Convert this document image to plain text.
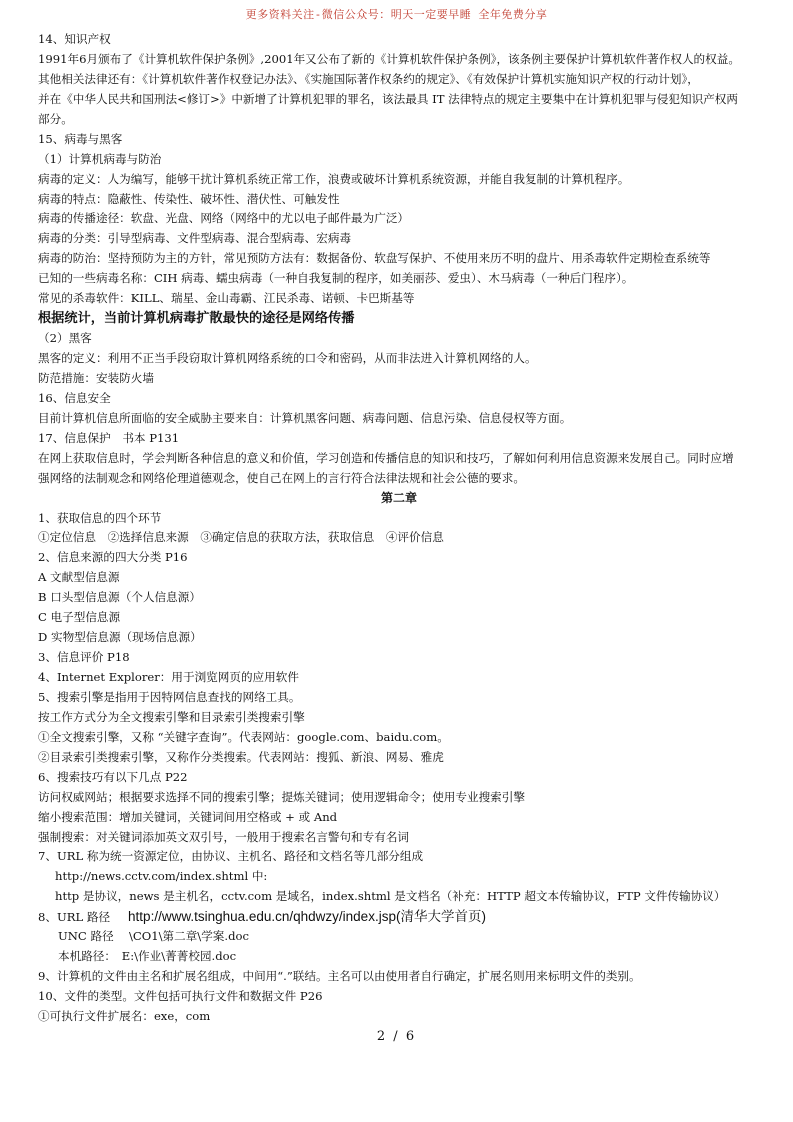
更多资料关注-微信公众号：明天一定要早睡 全年免费分享
14、知识产权
1991年6月颁布了《计算机软件保护条例》,2001年又公布了新的《计算机软件保护条例》，该条例主要保护计算机软件著作权人的权益。
其他相关法律还有：《计算机软件著作权登记办法》、《实施国际著作权条约的规定》、《有效保护计算机实施知识产权的行动计划》，
并在《中华人民共和国刑法<修订>》中新增了计算机犯罪的罪名，该法最具 IT 法律特点的规定主要集中在计算机犯罪与侵犯知识产权两
部分。
15、病毒与黑客
（1）计算机病毒与防治
病毒的定义：人为编写，能够干扰计算机系统正常工作，浪费或破坏计算机系统资源，并能自我复制的计算机程序。
病毒的特点：隐蔽性、传染性、破坏性、潜伏性、可触发性
病毒的传播途径：软盘、光盘、网络（网络中的尤以电子邮件最为广泛）
病毒的分类：引导型病毒、文件型病毒、混合型病毒、宏病毒
病毒的防治：坚持预防为主的方针，常见预防方法有：数据备份、软盘写保护、不使用来历不明的盘片、用杀毒软件定期检查系统等
已知的一些病毒名称：CIH 病毒、蠕虫病毒（一种自我复制的程序，如美丽莎、爱虫）、木马病毒（一种后门程序）。
常见的杀毒软件：KILL、瑞星、金山毒霸、江民杀毒、诺顿、卡巴斯基等
根据统计，当前计算机病毒扩散最快的途径是网络传播
（2）黑客
黑客的定义：利用不正当手段窃取计算机网络系统的口令和密码，从而非法进入计算机网络的人。
防范措施：安装防火墙
16、信息安全
目前计算机信息所面临的安全威胁主要来自：计算机黑客问题、病毒问题、信息污染、信息侵权等方面。
17、信息保护　书本 P131
在网上获取信息时，学会判断各种信息的意义和价值，学习创造和传播信息的知识和技巧，了解如何利用信息资源来发展自己。同时应增
强网络的法制观念和网络伦理道德观念，使自己在网上的言行符合法律法规和社会公德的要求。
第二章
1、获取信息的四个环节
①定位信息　②选择信息来源　③确定信息的获取方法，获取信息　④评价信息
2、信息来源的四大分类 P16
A 文献型信息源
B 口头型信息源（个人信息源）
C 电子型信息源
D 实物型信息源（现场信息源）
3、信息评价 P18
4、Internet Explorer：用于浏览网页的应用软件
5、搜索引擎是指用于因特网信息查找的网络工具。
按工作方式分为全文搜索引擎和目录索引类搜索引擎
①全文搜索引擎，又称 “关键字查询”。代表网站：google.com、baidu.com。
②目录索引类搜索引擎，又称作分类搜索。代表网站：搜狐、新浪、网易、雅虎
6、搜索技巧有以下几点 P22
访问权威网站；根据要求选择不同的搜索引擎；提炼关键词；使用逻辑命令；使用专业搜索引擎
缩小搜索范围：增加关键词，关键词间用空格或 + 或 And
强制搜索：对关键词添加英文双引号，一般用于搜索名言警句和专有名词
7、URL 称为统一资源定位，由协议、主机名、路径和文档名等几部分组成
http://news.cctv.com/index.shtml 中:
http 是协议，news 是主机名，cctv.com 是域名，index.shtml 是文档名（补充：HTTP 超文本传输协议，FTP 文件传输协议）
8、URL 路径 http://www.tsinghua.edu.cn/qhdwzy/index.jsp(清华大学首页)
UNC 路径　 \CO1\第二章\学案.doc
本机路径：　E:\作业\菁菁校园.doc
9、计算机的文件由主名和扩展名组成，中间用“.”联结。主名可以由使用者自行确定，扩展名则用来标明文件的类别。
10、文件的类型。文件包括可执行文件和数据文件 P26
①可执行文件扩展名：exe，com
2 / 6
